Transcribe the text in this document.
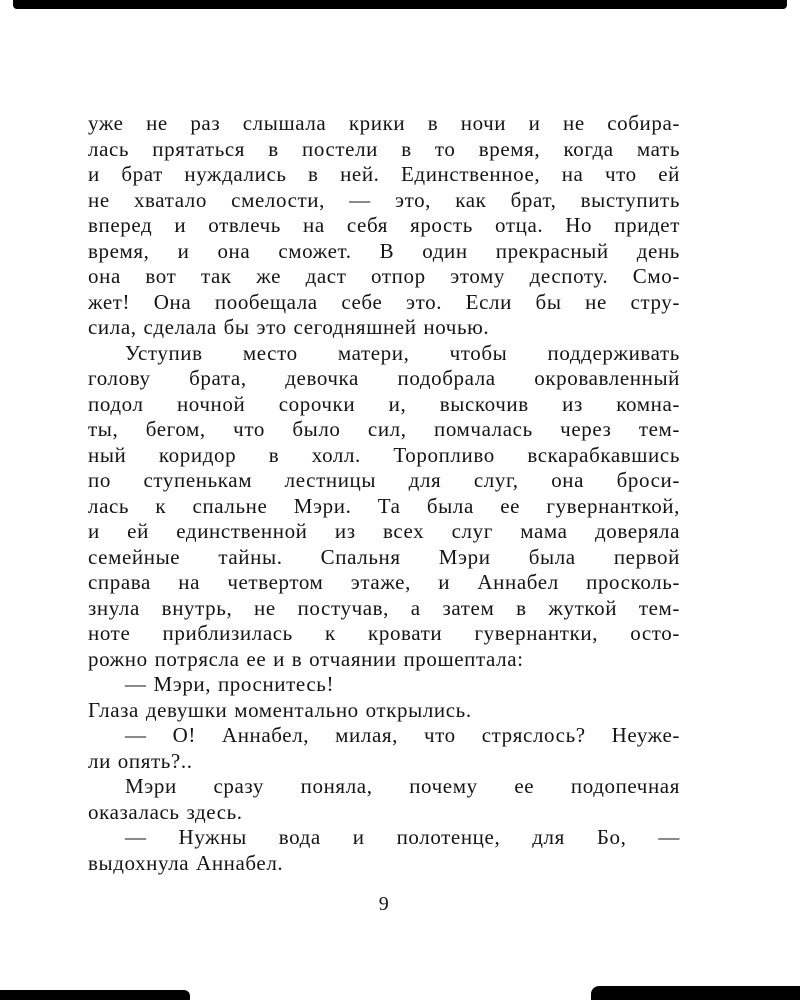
уже не раз слышала крики в ночи и не собира-
лась прятаться в постели в то время, когда мать
и брат нуждались в ней. Единственное, на что ей
не хватало смелости, — это, как брат, выступить
вперед и отвлечь на себя ярость отца. Но придет
время, и она сможет. В один прекрасный день
она вот так же даст отпор этому деспоту. Смо-
жет! Она пообещала себе это. Если бы не стру-
сила, сделала бы это сегодняшней ночью.

Уступив место матери, чтобы поддерживать
голову брата, девочка подобрала окровавленный
подол ночной сорочки и, выскочив из комна-
ты, бегом, что было сил, помчалась через тем-
ный коридор в холл. Торопливо вскарабкавшись
по ступенькам лестницы для слуг, она броси-
лась к спальне Мэри. Та была ее гувернанткой,
и ей единственной из всех слуг мама доверяла
семейные тайны. Спальня Мэри была первой
справа на четвертом этаже, и Аннабел просколь-
знула внутрь, не постучав, а затем в жуткой тем-
ноте приблизилась к кровати гувернантки, осто-
рожно потрясла ее и в отчаянии прошептала:

— Мэри, проснитесь!

Глаза девушки моментально открылись.

— О! Аннабел, милая, что стряслось? Неуже-
ли опять?..

Мэри сразу поняла, почему ее подопечная
оказалась здесь.

— Нужны вода и полотенце, для Бо, —
выдохнула Аннабел.

9
